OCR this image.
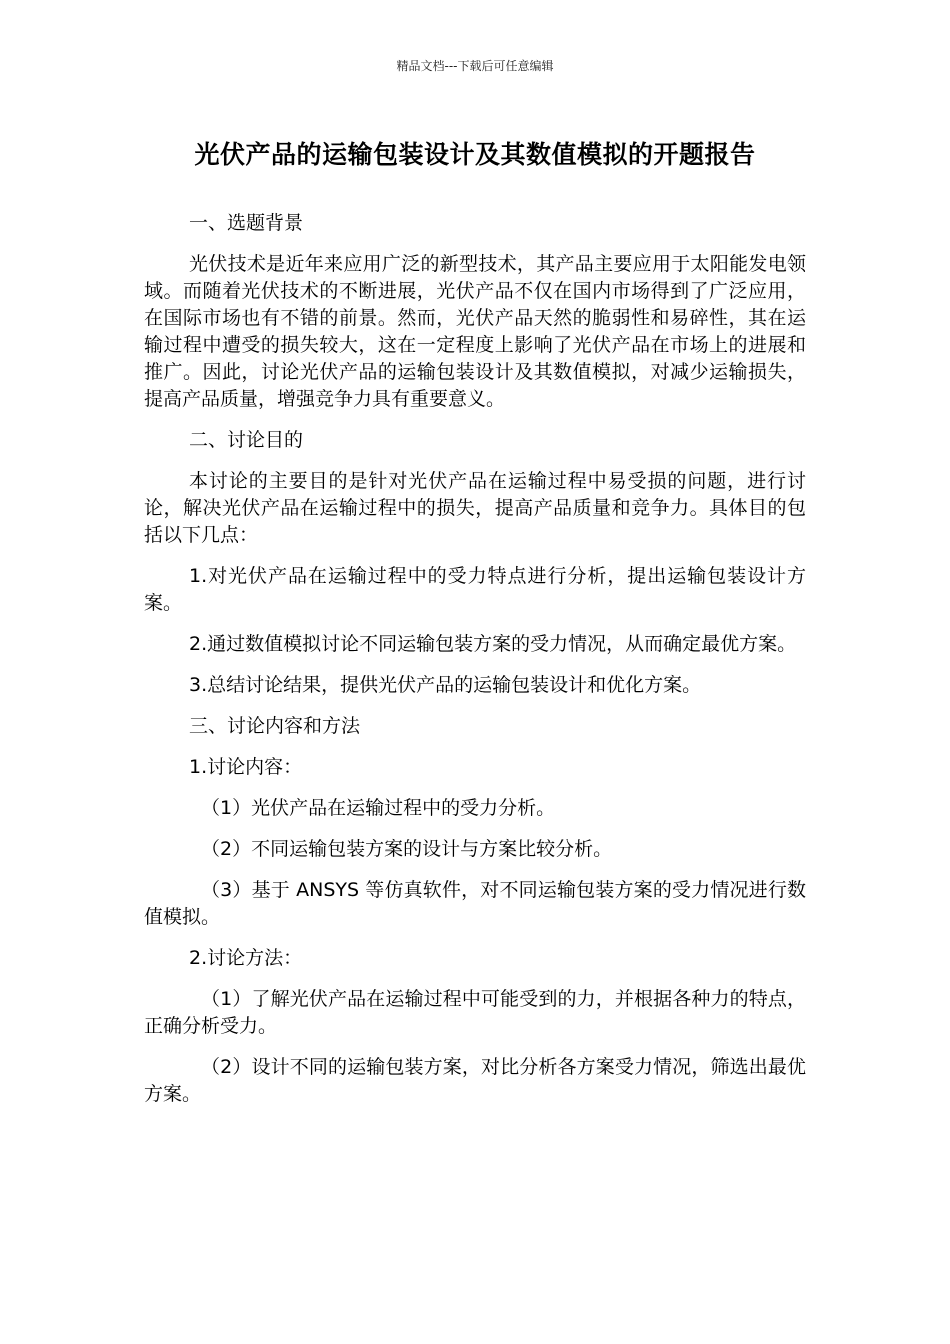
精品文档---下载后可任意编辑
光伏产品的运输包装设计及其数值模拟的开题报告

一、选题背景

光伏技术是近年来应用广泛的新型技术，其产品主要应用于太阳能发电领域。而随着光伏技术的不断进展，光伏产品不仅在国内市场得到了广泛应用，在国际市场也有不错的前景。然而，光伏产品天然的脆弱性和易碎性，其在运输过程中遭受的损失较大，这在一定程度上影响了光伏产品在市场上的进展和推广。因此，讨论光伏产品的运输包装设计及其数值模拟，对减少运输损失，提高产品质量，增强竞争力具有重要意义。

二、讨论目的

本讨论的主要目的是针对光伏产品在运输过程中易受损的问题，进行讨论，解决光伏产品在运输过程中的损失，提高产品质量和竞争力。具体目的包括以下几点：

1.对光伏产品在运输过程中的受力特点进行分析，提出运输包装设计方案。

2.通过数值模拟讨论不同运输包装方案的受力情况，从而确定最优方案。

3.总结讨论结果，提供光伏产品的运输包装设计和优化方案。

三、讨论内容和方法

1.讨论内容：

（1）光伏产品在运输过程中的受力分析。

（2）不同运输包装方案的设计与方案比较分析。

（3）基于 ANSYS 等仿真软件，对不同运输包装方案的受力情况进行数值模拟。

2.讨论方法：

（1）了解光伏产品在运输过程中可能受到的力，并根据各种力的特点，正确分析受力。

（2）设计不同的运输包装方案，对比分析各方案受力情况，筛选出最优方案。
